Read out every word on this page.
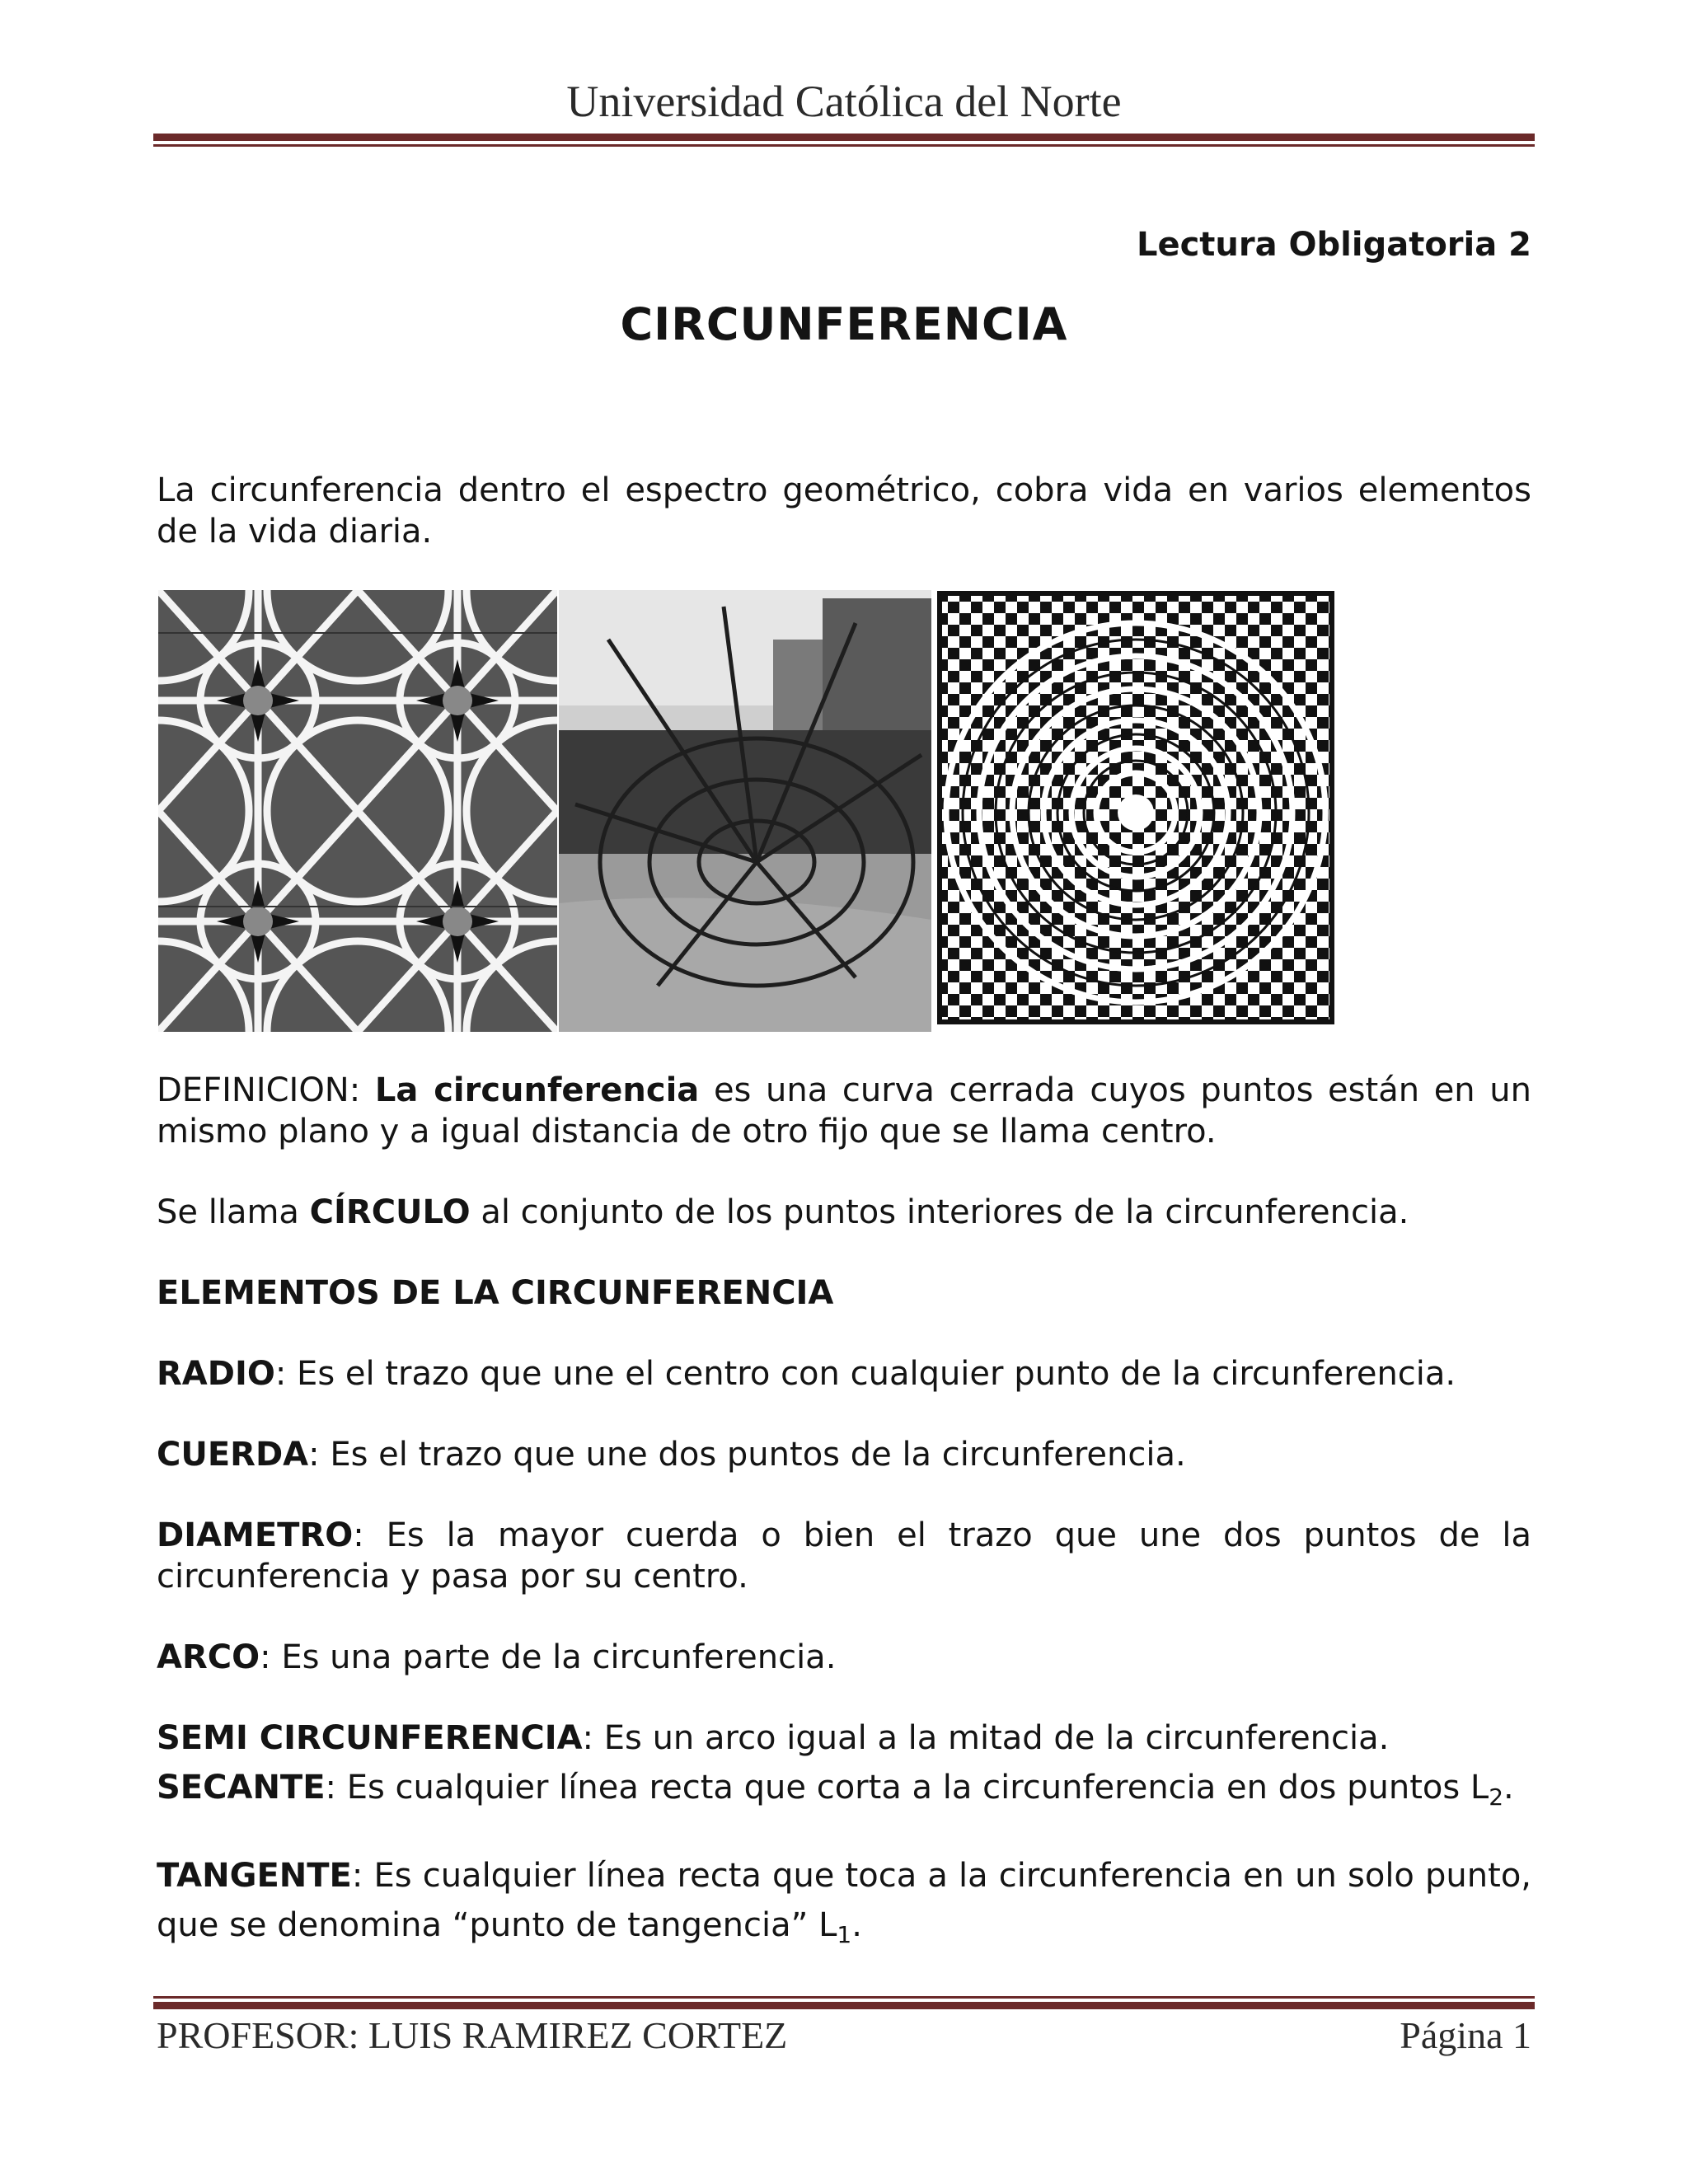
Universidad Católica del Norte
Lectura Obligatoria 2
CIRCUNFERENCIA
La circunferencia dentro el espectro geométrico, cobra vida en varios elementos de la vida diaria.
DEFINICION: La circunferencia es una curva cerrada cuyos puntos están en un mismo plano y a igual distancia de otro fijo que se llama centro.
Se llama CÍRCULO al conjunto de los puntos interiores de la circunferencia.
ELEMENTOS DE LA CIRCUNFERENCIA
RADIO: Es el trazo que une el centro con cualquier punto de la circunferencia.
CUERDA: Es el trazo que une dos puntos de la circunferencia.
DIAMETRO: Es la mayor cuerda o bien el trazo que une dos puntos de la circunferencia y pasa por su centro.
ARCO: Es una parte de la circunferencia.
SEMI CIRCUNFERENCIA: Es un arco igual a la mitad de la circunferencia.
SECANTE: Es cualquier línea recta que corta a la circunferencia en dos puntos $L_2$.
TANGENTE: Es cualquier línea recta que toca a la circunferencia en un solo punto, que se denomina “punto de tangencia” $L_1$.
PROFESOR: LUIS RAMIREZ CORTEZ	Página 1
